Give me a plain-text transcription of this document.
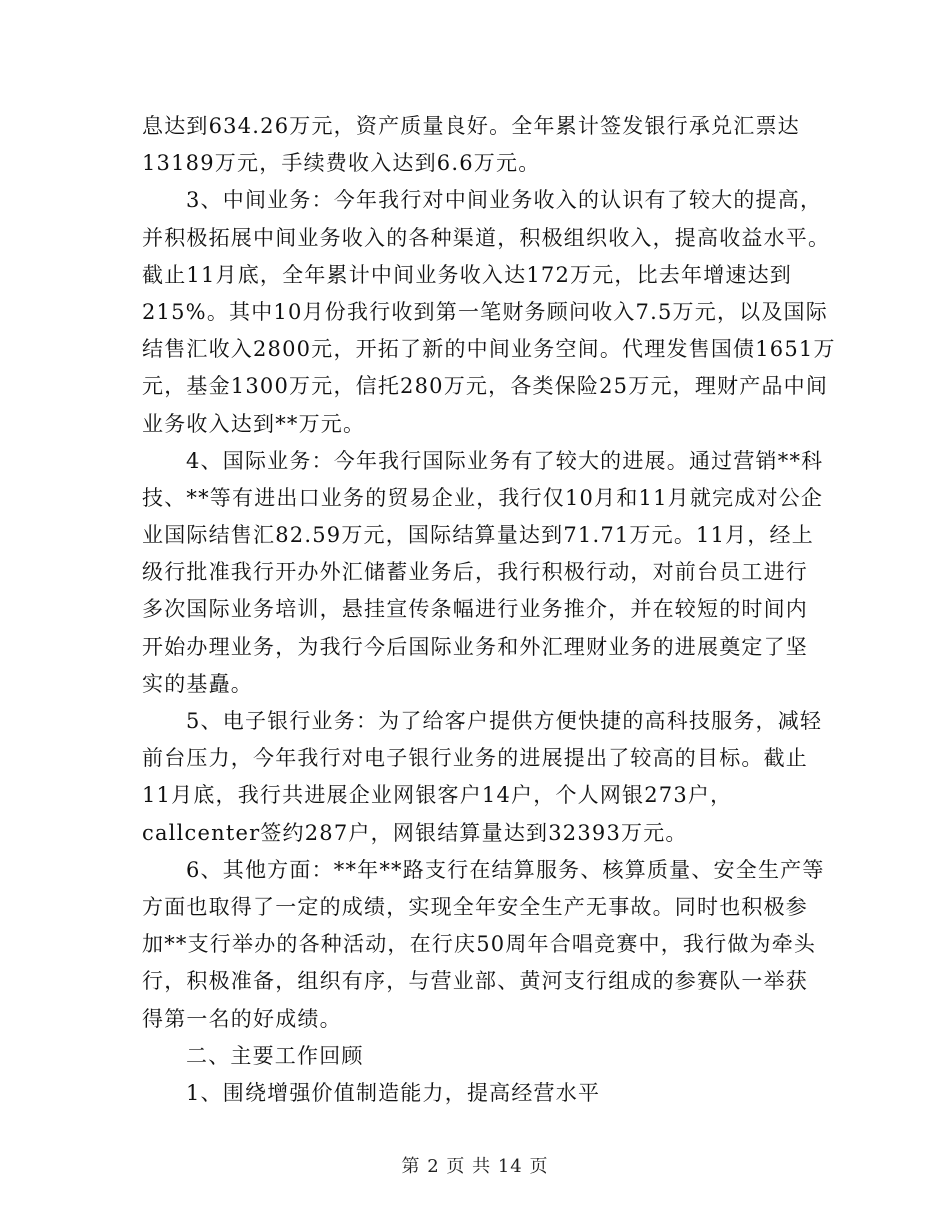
息达到634.26万元，资产质量良好。全年累计签发银行承兑汇票达
13189万元，手续费收入达到6.6万元。

3、中间业务：今年我行对中间业务收入的认识有了较大的提高，
并积极拓展中间业务收入的各种渠道，积极组织收入，提高收益水平。
截止11月底，全年累计中间业务收入达172万元，比去年增速达到
215%。其中10月份我行收到第一笔财务顾问收入7.5万元，以及国际
结售汇收入2800元，开拓了新的中间业务空间。代理发售国债1651万
元，基金1300万元，信托280万元，各类保险25万元，理财产品中间
业务收入达到**万元。

4、国际业务：今年我行国际业务有了较大的进展。通过营销**科
技、**等有进出口业务的贸易企业，我行仅10月和11月就完成对公企
业国际结售汇82.59万元，国际结算量达到71.71万元。11月，经上
级行批准我行开办外汇储蓄业务后，我行积极行动，对前台员工进行
多次国际业务培训，悬挂宣传条幅进行业务推介，并在较短的时间内
开始办理业务，为我行今后国际业务和外汇理财业务的进展奠定了坚
实的基矗。

5、电子银行业务：为了给客户提供方便快捷的高科技服务，减轻
前台压力，今年我行对电子银行业务的进展提出了较高的目标。截止
11月底，我行共进展企业网银客户14户，个人网银273户，
callcenter签约287户，网银结算量达到32393万元。

6、其他方面：**年**路支行在结算服务、核算质量、安全生产等
方面也取得了一定的成绩，实现全年安全生产无事故。同时也积极参
加**支行举办的各种活动，在行庆50周年合唱竞赛中，我行做为牵头
行，积极准备，组织有序，与营业部、黄河支行组成的参赛队一举获
得第一名的好成绩。

二、主要工作回顾

1、围绕增强价值制造能力，提高经营水平

第 2 页 共 14 页
